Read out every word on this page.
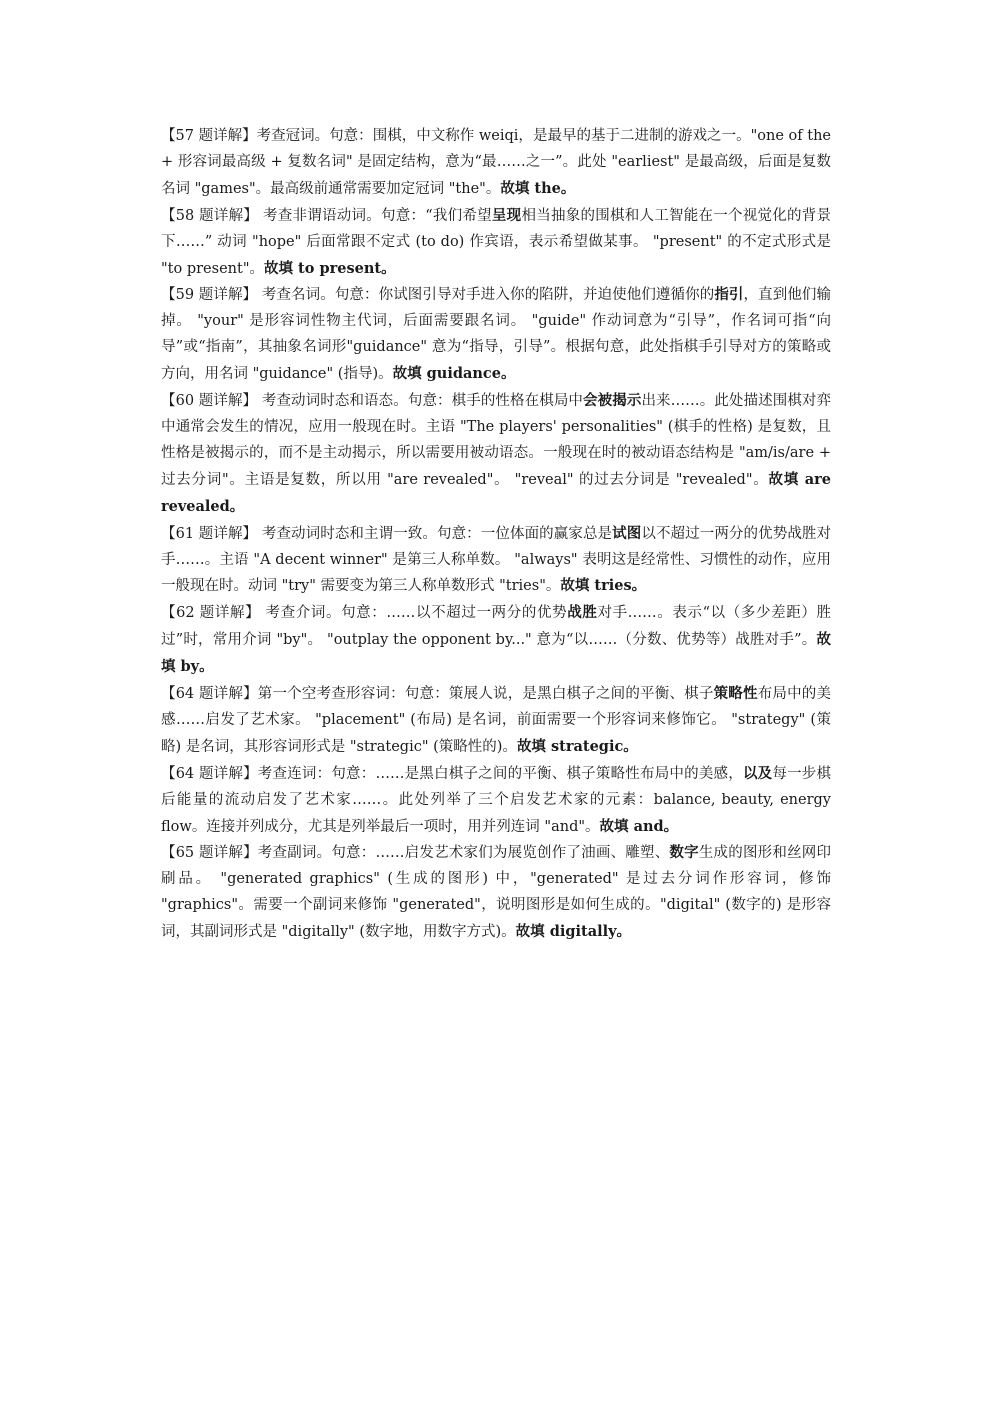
【57 题详解】考查冠词。句意：围棋，中文称作 weiqi，是最早的基于二进制的游戏之一。"one of the + 形容词最高级 + 复数名词" 是固定结构，意为“最……之一”。此处 "earliest" 是最高级，后面是复数名词 "games"。最高级前通常需要加定冠词 "the"。故填 the。

【58 题详解】 考查非谓语动词。句意：“我们希望呈现相当抽象的围棋和人工智能在一个视觉化的背景下……” 动词 "hope" 后面常跟不定式 (to do) 作宾语，表示希望做某事。 "present" 的不定式形式是 "to present"。故填 to present。

【59 题详解】 考查名词。句意：你试图引导对手进入你的陷阱，并迫使他们遵循你的指引，直到他们输掉。 "your" 是形容词性物主代词，后面需要跟名词。 "guide" 作动词意为“引导”，作名词可指“向导”或“指南”，其抽象名词形"guidance" 意为“指导，引导”。根据句意，此处指棋手引导对方的策略或方向，用名词 "guidance" (指导)。故填 guidance。

【60 题详解】 考查动词时态和语态。句意：棋手的性格在棋局中会被揭示出来……。此处描述围棋对弈中通常会发生的情况，应用一般现在时。主语 "The players' personalities" (棋手的性格) 是复数，且性格是被揭示的，而不是主动揭示，所以需要用被动语态。一般现在时的被动语态结构是 "am/is/are + 过去分词"。主语是复数，所以用 "are revealed"。 "reveal" 的过去分词是 "revealed"。故填 are revealed。

【61 题详解】 考查动词时态和主谓一致。句意：一位体面的赢家总是试图以不超过一两分的优势战胜对手……。主语 "A decent winner" 是第三人称单数。 "always" 表明这是经常性、习惯性的动作，应用一般现在时。动词 "try" 需要变为第三人称单数形式 "tries"。故填 tries。

【62 题详解】 考查介词。句意：……以不超过一两分的优势战胜对手……。表示“以（多少差距）胜过”时，常用介词 "by"。 "outplay the opponent by..." 意为“以……（分数、优势等）战胜对手”。故填 by。

【64 题详解】第一个空考查形容词：句意：策展人说，是黑白棋子之间的平衡、棋子策略性布局中的美感……启发了艺术家。 "placement" (布局) 是名词，前面需要一个形容词来修饰它。 "strategy" (策略) 是名词，其形容词形式是 "strategic" (策略性的)。故填 strategic。

【64 题详解】考查连词：句意：……是黑白棋子之间的平衡、棋子策略性布局中的美感，以及每一步棋后能量的流动启发了艺术家……。此处列举了三个启发艺术家的元素：balance, beauty, energy flow。连接并列成分，尤其是列举最后一项时，用并列连词 "and"。故填 and。

【65 题详解】考查副词。句意：……启发艺术家们为展览创作了油画、雕塑、数字生成的图形和丝网印刷品。 "generated graphics" (生成的图形) 中，"generated" 是过去分词作形容词，修饰 "graphics"。需要一个副词来修饰 "generated"，说明图形是如何生成的。"digital" (数字的) 是形容词，其副词形式是 "digitally" (数字地，用数字方式)。故填 digitally。
